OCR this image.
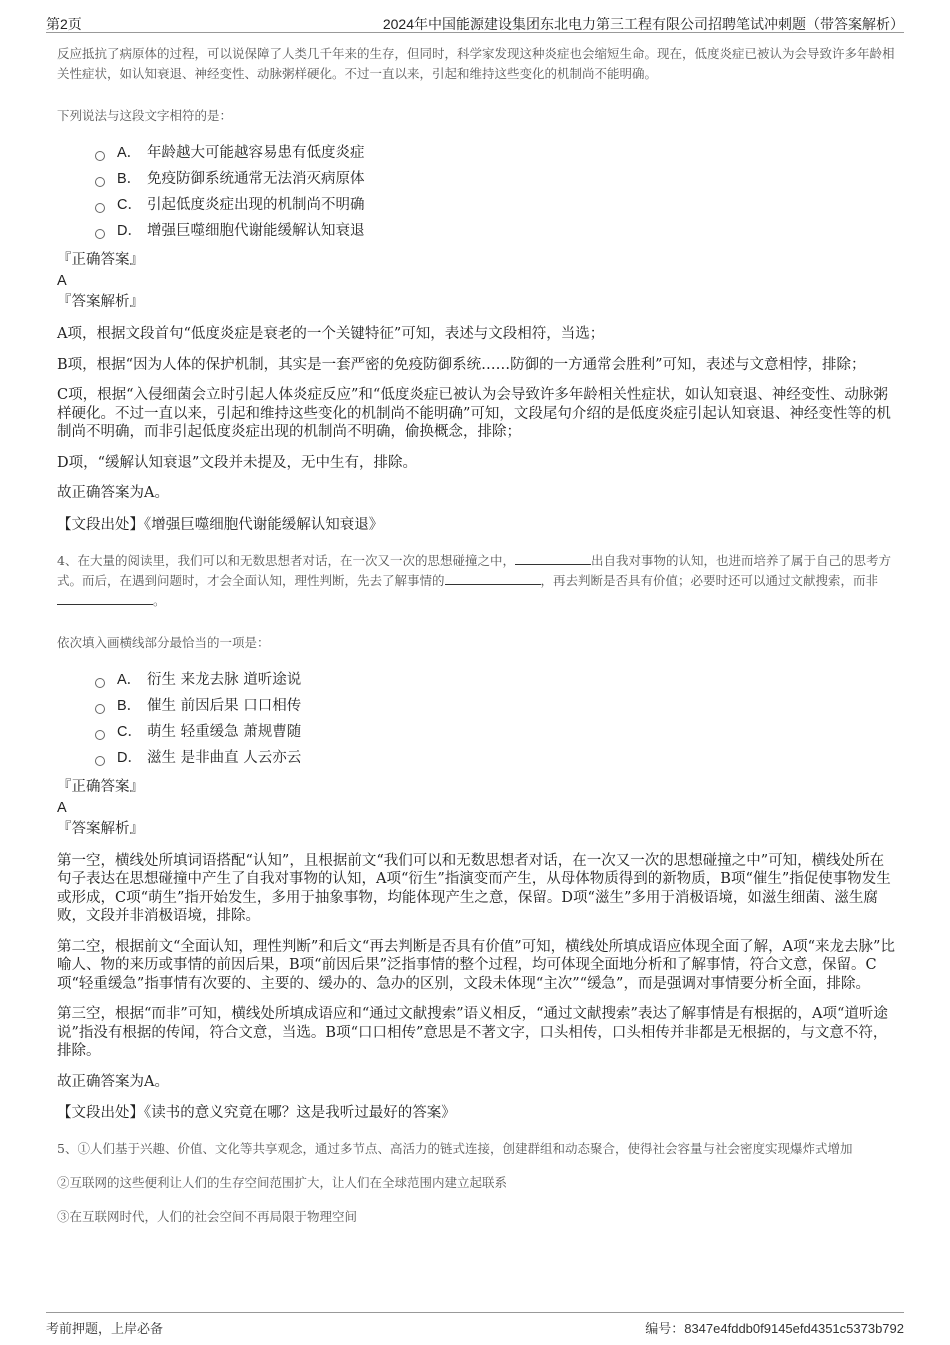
第2页	2024年中国能源建设集团东北电力第三工程有限公司招聘笔试冲刺题（带答案解析）

反应抵抗了病原体的过程，可以说保障了人类几千年来的生存，但同时，科学家发现这种炎症也会缩短生命。现在，低度炎症已被认为会导致许多年龄相关性症状，如认知衰退、神经变性、动脉粥样硬化。不过一直以来，引起和维持这些变化的机制尚不能明确。

下列说法与这段文字相符的是：

A． 年龄越大可能越容易患有低度炎症
B． 免疫防御系统通常无法消灭病原体
C． 引起低度炎症出现的机制尚不明确
D． 增强巨噬细胞代谢能缓解认知衰退

『正确答案』

A

『答案解析』

A项，根据文段首句“低度炎症是衰老的一个关键特征”可知，表述与文段相符，当选；

B项，根据“因为人体的保护机制，其实是一套严密的免疫防御系统……防御的一方通常会胜利”可知，表述与文意相悖，排除；

C项，根据“入侵细菌会立时引起人体炎症反应”和“低度炎症已被认为会导致许多年龄相关性症状，如认知衰退、神经变性、动脉粥样硬化。不过一直以来，引起和维持这些变化的机制尚不能明确”可知，文段尾句介绍的是低度炎症引起认知衰退、神经变性等的机制尚不明确，而非引起低度炎症出现的机制尚不明确，偷换概念，排除；

D项，“缓解认知衰退”文段并未提及，无中生有，排除。

故正确答案为A。

【文段出处】《增强巨噬细胞代谢能缓解认知衰退》

4、在大量的阅读里，我们可以和无数思想者对话，在一次又一次的思想碰撞之中，	出自我对事物的认知，也进而培养了属于自己的思考方式。而后，在遇到问题时，才会全面认知，理性判断，先去了解事情的	，再去判断是否具有价值；必要时还可以通过文献搜索，而非。

依次填入画横线部分最恰当的一项是：

A． 衍生 来龙去脉 道听途说
B． 催生 前因后果 口口相传
C． 萌生 轻重缓急 萧规曹随
D． 滋生 是非曲直 人云亦云

『正确答案』

A

『答案解析』

第一空，横线处所填词语搭配“认知”，且根据前文“我们可以和无数思想者对话，在一次又一次的思想碰撞之中”可知，横线处所在句子表达在思想碰撞中产生了自我对事物的认知，A项“衍生”指演变而产生，从母体物质得到的新物质，B项“催生”指促使事物发生或形成，C项“萌生”指开始发生，多用于抽象事物，均能体现产生之意，保留。D项“滋生”多用于消极语境，如滋生细菌、滋生腐败，文段并非消极语境，排除。

第二空，根据前文“全面认知，理性判断”和后文“再去判断是否具有价值”可知，横线处所填成语应体现全面了解，A项“来龙去脉”比喻人、物的来历或事情的前因后果，B项“前因后果”泛指事情的整个过程，均可体现全面地分析和了解事情，符合文意，保留。C项“轻重缓急”指事情有次要的、主要的、缓办的、急办的区别，文段未体现“主次”“缓急”，而是强调对事情要分析全面，排除。

第三空，根据“而非”可知，横线处所填成语应和“通过文献搜索”语义相反，“通过文献搜索”表达了解事情是有根据的，A项“道听途说”指没有根据的传闻，符合文意，当选。B项“口口相传”意思是不著文字，口头相传，口头相传并非都是无根据的，与文意不符，排除。

故正确答案为A。

【文段出处】《读书的意义究竟在哪？这是我听过最好的答案》

5、①人们基于兴趣、价值、文化等共享观念，通过多节点、高活力的链式连接，创建群组和动态聚合，使得社会容量与社会密度实现爆炸式增加

②互联网的这些便利让人们的生存空间范围扩大，让人们在全球范围内建立起联系

③在互联网时代，人们的社会空间不再局限于物理空间

考前押题，上岸必备	编号：8347e4fddb0f9145efd4351c5373b792
